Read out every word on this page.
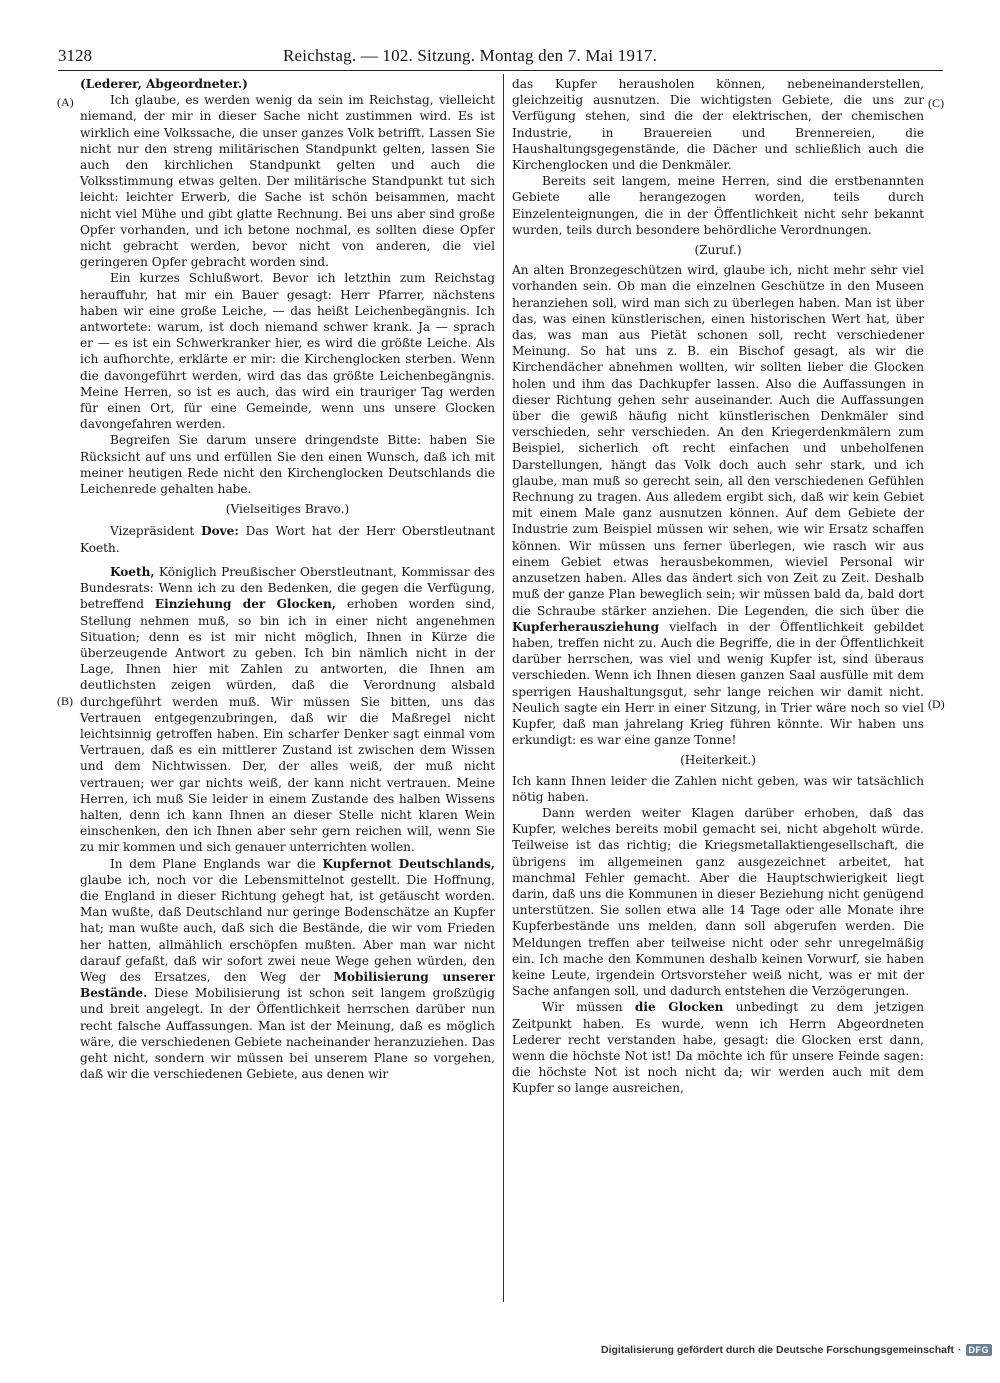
3128	Reichstag. — 102. Sitzung. Montag den 7. Mai 1917.
(A)
(B)
(C)
(D)

(Lederer, Abgeordneter.)

Ich glaube, es werden wenig da sein im Reichstag, vielleicht niemand, der mir in dieser Sache nicht zustimmen wird. Es ist wirklich eine Volkssache, die unser ganzes Volk betrifft. Lassen Sie nicht nur den streng militärischen Standpunkt gelten, lassen Sie auch den kirchlichen Standpunkt gelten und auch die Volksstimmung etwas gelten. Der militärische Standpunkt tut sich leicht: leichter Erwerb, die Sache ist schön beisammen, macht nicht viel Mühe und gibt glatte Rechnung. Bei uns aber sind große Opfer vorhanden, und ich betone nochmal, es sollten diese Opfer nicht gebracht werden, bevor nicht von anderen, die viel geringeren Opfer gebracht worden sind.

Ein kurzes Schlußwort. Bevor ich letzthin zum Reichstag herauffuhr, hat mir ein Bauer gesagt: Herr Pfarrer, nächstens haben wir eine große Leiche, — das heißt Leichenbegängnis. Ich antwortete: warum, ist doch niemand schwer krank. Ja — sprach er — es ist ein Schwerkranker hier, es wird die größte Leiche. Als ich aufhorchte, erklärte er mir: die Kirchenglocken sterben. Wenn die davongeführt werden, wird das das größte Leichenbegängnis. Meine Herren, so ist es auch, das wird ein trauriger Tag werden für einen Ort, für eine Gemeinde, wenn uns unsere Glocken davongefahren werden.

Begreifen Sie darum unsere dringendste Bitte: haben Sie Rücksicht auf uns und erfüllen Sie den einen Wunsch, daß ich mit meiner heutigen Rede nicht den Kirchenglocken Deutschlands die Leichenrede gehalten habe.

(Vielseitiges Bravo.)

Vizepräsident Dove: Das Wort hat der Herr Oberstleutnant Koeth.

Koeth, Königlich Preußischer Oberstleutnant, Kommissar des Bundesrats: Wenn ich zu den Bedenken, die gegen die Verfügung, betreffend Einziehung der Glocken, erhoben worden sind, Stellung nehmen muß, so bin ich in einer nicht angenehmen Situation; denn es ist mir nicht möglich, Ihnen in Kürze die überzeugende Antwort zu geben. Ich bin nämlich nicht in der Lage, Ihnen hier mit Zahlen zu antworten, die Ihnen am deutlichsten zeigen würden, daß die Verordnung alsbald durchgeführt werden muß. Wir müssen Sie bitten, uns das Vertrauen entgegenzubringen, daß wir die Maßregel nicht leichtsinnig getroffen haben. Ein scharfer Denker sagt einmal vom Vertrauen, daß es ein mittlerer Zustand ist zwischen dem Wissen und dem Nichtwissen. Der, der alles weiß, der muß nicht vertrauen; wer gar nichts weiß, der kann nicht vertrauen. Meine Herren, ich muß Sie leider in einem Zustande des halben Wissens halten, denn ich kann Ihnen an dieser Stelle nicht klaren Wein einschenken, den ich Ihnen aber sehr gern reichen will, wenn Sie zu mir kommen und sich genauer unterrichten wollen.

In dem Plane Englands war die Kupfernot Deutschlands, glaube ich, noch vor die Lebensmittelnot gestellt. Die Hoffnung, die England in dieser Richtung gehegt hat, ist getäuscht worden. Man wußte, daß Deutschland nur geringe Bodenschätze an Kupfer hat; man wußte auch, daß sich die Bestände, die wir vom Frieden her hatten, allmählich erschöpfen mußten. Aber man war nicht darauf gefaßt, daß wir sofort zwei neue Wege gehen würden, den Weg des Ersatzes, den Weg der Mobilisierung unserer Bestände. Diese Mobilisierung ist schon seit langem großzügig und breit angelegt. In der Öffentlichkeit herrschen darüber nun recht falsche Auffassungen. Man ist der Meinung, daß es möglich wäre, die verschiedenen Gebiete nacheinander heranzuziehen. Das geht nicht, sondern wir müssen bei unserem Plane so vorgehen, daß wir die verschiedenen Gebiete, aus denen wir

das Kupfer herausholen können, nebeneinanderstellen, gleichzeitig ausnutzen. Die wichtigsten Gebiete, die uns zur Verfügung stehen, sind die der elektrischen, der chemischen Industrie, in Brauereien und Brennereien, die Haushaltungsgegenstände, die Dächer und schließlich auch die Kirchenglocken und die Denkmäler.

Bereits seit langem, meine Herren, sind die erstbenannten Gebiete alle herangezogen worden, teils durch Einzelenteignungen, die in der Öffentlichkeit nicht sehr bekannt wurden, teils durch besondere behördliche Verordnungen.

(Zuruf.)

An alten Bronzegeschützen wird, glaube ich, nicht mehr sehr viel vorhanden sein. Ob man die einzelnen Geschütze in den Museen heranziehen soll, wird man sich zu überlegen haben. Man ist über das, was einen künstlerischen, einen historischen Wert hat, über das, was man aus Pietät schonen soll, recht verschiedener Meinung. So hat uns z. B. ein Bischof gesagt, als wir die Kirchendächer abnehmen wollten, wir sollten lieber die Glocken holen und ihm das Dachkupfer lassen. Also die Auffassungen in dieser Richtung gehen sehr auseinander. Auch die Auffassungen über die gewiß häufig nicht künstlerischen Denkmäler sind verschieden, sehr verschieden. An den Kriegerdenkmälern zum Beispiel, sicherlich oft recht einfachen und unbeholfenen Darstellungen, hängt das Volk doch auch sehr stark, und ich glaube, man muß so gerecht sein, all den verschiedenen Gefühlen Rechnung zu tragen. Aus alledem ergibt sich, daß wir kein Gebiet mit einem Male ganz ausnutzen können. Auf dem Gebiete der Industrie zum Beispiel müssen wir sehen, wie wir Ersatz schaffen können. Wir müssen uns ferner überlegen, wie rasch wir aus einem Gebiet etwas herausbekommen, wieviel Personal wir anzusetzen haben. Alles das ändert sich von Zeit zu Zeit. Deshalb muß der ganze Plan beweglich sein; wir müssen bald da, bald dort die Schraube stärker anziehen. Die Legenden, die sich über die Kupferherausziehung vielfach in der Öffentlichkeit gebildet haben, treffen nicht zu. Auch die Begriffe, die in der Öffentlichkeit darüber herrschen, was viel und wenig Kupfer ist, sind überaus verschieden. Wenn ich Ihnen diesen ganzen Saal ausfülle mit dem sperrigen Haushaltungsgut, sehr lange reichen wir damit nicht. Neulich sagte ein Herr in einer Sitzung, in Trier wäre noch so viel Kupfer, daß man jahrelang Krieg führen könnte. Wir haben uns erkundigt: es war eine ganze Tonne!

(Heiterkeit.)

Ich kann Ihnen leider die Zahlen nicht geben, was wir tatsächlich nötig haben.

Dann werden weiter Klagen darüber erhoben, daß das Kupfer, welches bereits mobil gemacht sei, nicht abgeholt würde. Teilweise ist das richtig; die Kriegsmetallaktiengesellschaft, die übrigens im allgemeinen ganz ausgezeichnet arbeitet, hat manchmal Fehler gemacht. Aber die Hauptschwierigkeit liegt darin, daß uns die Kommunen in dieser Beziehung nicht genügend unterstützen. Sie sollen etwa alle 14 Tage oder alle Monate ihre Kupferbestände uns melden, dann soll abgerufen werden. Die Meldungen treffen aber teilweise nicht oder sehr unregelmäßig ein. Ich mache den Kommunen deshalb keinen Vorwurf, sie haben keine Leute, irgendein Ortsvorsteher weiß nicht, was er mit der Sache anfangen soll, und dadurch entstehen die Verzögerungen.

Wir müssen die Glocken unbedingt zu dem jetzigen Zeitpunkt haben. Es wurde, wenn ich Herrn Abgeordneten Lederer recht verstanden habe, gesagt: die Glocken erst dann, wenn die höchste Not ist! Da möchte ich für unsere Feinde sagen: die höchste Not ist noch nicht da; wir werden auch mit dem Kupfer so lange ausreichen,

Digitalisierung gefördert durch die Deutsche Forschungsgemeinschaft · DFG
